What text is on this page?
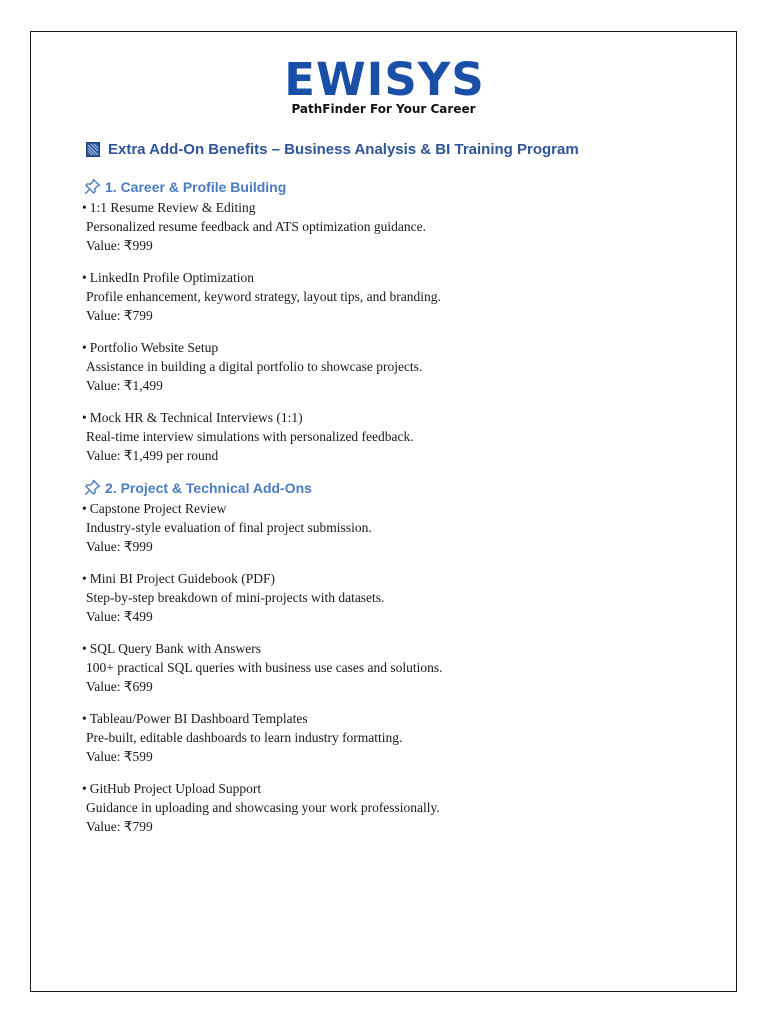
EWISYS
PathFinder For Your Career
Extra Add-On Benefits – Business Analysis & BI Training Program
1. Career & Profile Building
• 1:1 Resume Review & Editing
Personalized resume feedback and ATS optimization guidance.
Value: ₹999
• LinkedIn Profile Optimization
Profile enhancement, keyword strategy, layout tips, and branding.
Value: ₹799
• Portfolio Website Setup
Assistance in building a digital portfolio to showcase projects.
Value: ₹1,499
• Mock HR & Technical Interviews (1:1)
Real-time interview simulations with personalized feedback.
Value: ₹1,499 per round
2. Project & Technical Add-Ons
• Capstone Project Review
Industry-style evaluation of final project submission.
Value: ₹999
• Mini BI Project Guidebook (PDF)
Step-by-step breakdown of mini-projects with datasets.
Value: ₹499
• SQL Query Bank with Answers
100+ practical SQL queries with business use cases and solutions.
Value: ₹699
• Tableau/Power BI Dashboard Templates
Pre-built, editable dashboards to learn industry formatting.
Value: ₹599
• GitHub Project Upload Support
Guidance in uploading and showcasing your work professionally.
Value: ₹799
